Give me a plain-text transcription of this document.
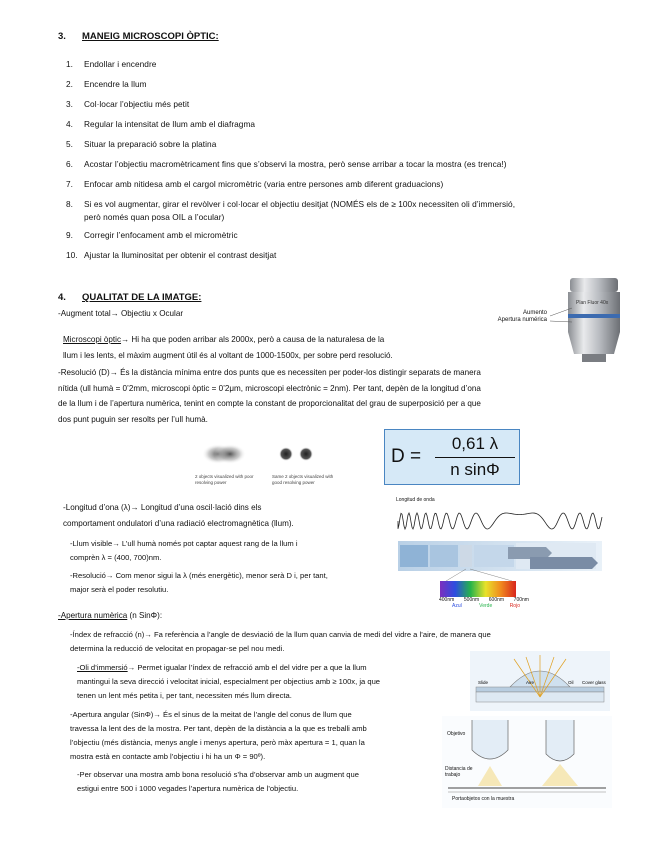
3. MANEIG MICROSCOPI ÒPTIC:
1. Endollar i encendre
2. Encendre la llum
3. Col·locar l’objectiu més petit
4. Regular la intensitat de llum amb el diafragma
5. Situar la preparació sobre la platina
6. Acostar l’objectiu macromètricament fins que s’observi la mostra, però sense arribar a tocar la mostra (es trenca!)
7. Enfocar amb nitidesa amb el cargol micromètric (varia entre persones amb diferent graduacions)
8. Si es vol augmentar, girar el revòlver i col·locar el objectiu desitjat (NOMÉS els de ≥ 100x necessiten oli d’immersió,
però només quan posa OIL a l’ocular)
9. Corregir l’enfocament amb el micromètric
10. Ajustar la lluminositat per obtenir el contrast desitjat
4. QUALITAT DE LA IMATGE:
-Augment total→ Objectiu x Ocular
Microscopi òptic→ Hi ha que poden arribar als 2000x, però a causa de la naturalesa de la
llum i les lents, el màxim augment útil és al voltant de 1000-1500x, per sobre perd resolució.
Plan Fluor 40x
Aumento
Apertura numérica
-Resolució (D)→ És la distància mínima entre dos punts que es necessiten per poder-los distingir separats de manera
nítida (ull humà = 0’2mm, microscopi òptic = 0’2μm, microscopi electrònic = 2nm). Per tant, depèn de la longitud d’ona
de la llum i de l’apertura numèrica, tenint en compte la constant de proporcionalitat del grau de superposició per a que
dos punt puguin ser resolts per l’ull humà.
2 objects visualized with poor resolving power
Same 2 objects visualized with good resolving power
D =
0,61 λ
n sinΦ
-Longitud d’ona (λ)→ Longitud d’una oscil·lació dins els
comportament ondulatori d’una radiació electromagnètica (llum).
-Llum visible→ L’ull humà només pot captar aquest rang de la llum i
comprèn λ = (400, 700)nm.
-Resolució→ Com menor sigui la λ (més energètic), menor serà D i, per tant,
major serà el poder resolutiu.
Longitud de onda
400nm 500nm 600nm 700nm
Azul	Verde	Rojo
-Apertura numèrica (n SinΦ):
-Índex de refracció (n)→ Fa referència a l’angle de desviació de la llum quan canvia de medi del vidre a l’aire, de manera que
determina la reducció de velocitat en propagar-se pel nou medi.
-Oli d’immersió→ Permet igualar l’índex de refracció amb el del vidre per a que la llum
mantingui la seva direcció i velocitat inicial, especialment per objectius amb ≥ 100x, ja que
tenen un lent més petita i, per tant, necessiten més llum directa.
Slide	Aire	Oil Cover glass
-Apertura angular (SinΦ)→ És el sinus de la meitat de l’angle del conus de llum que
travessa la lent des de la mostra. Per tant, depèn de la distància a la que es treballi amb
l’objectiu (més distància, menys angle i menys apertura, però màx apertura = 1, quan la
mostra està en contacte amb l’objectiu i hi ha un Φ = 90º).
-Per observar una mostra amb bona resolució s’ha d’observar amb un augment que
estigui entre 500 i 1000 vegades l’apertura numèrica de l’objectiu.
Objetivo
Distancia de trabajo
Portaobjetos con la muestra
